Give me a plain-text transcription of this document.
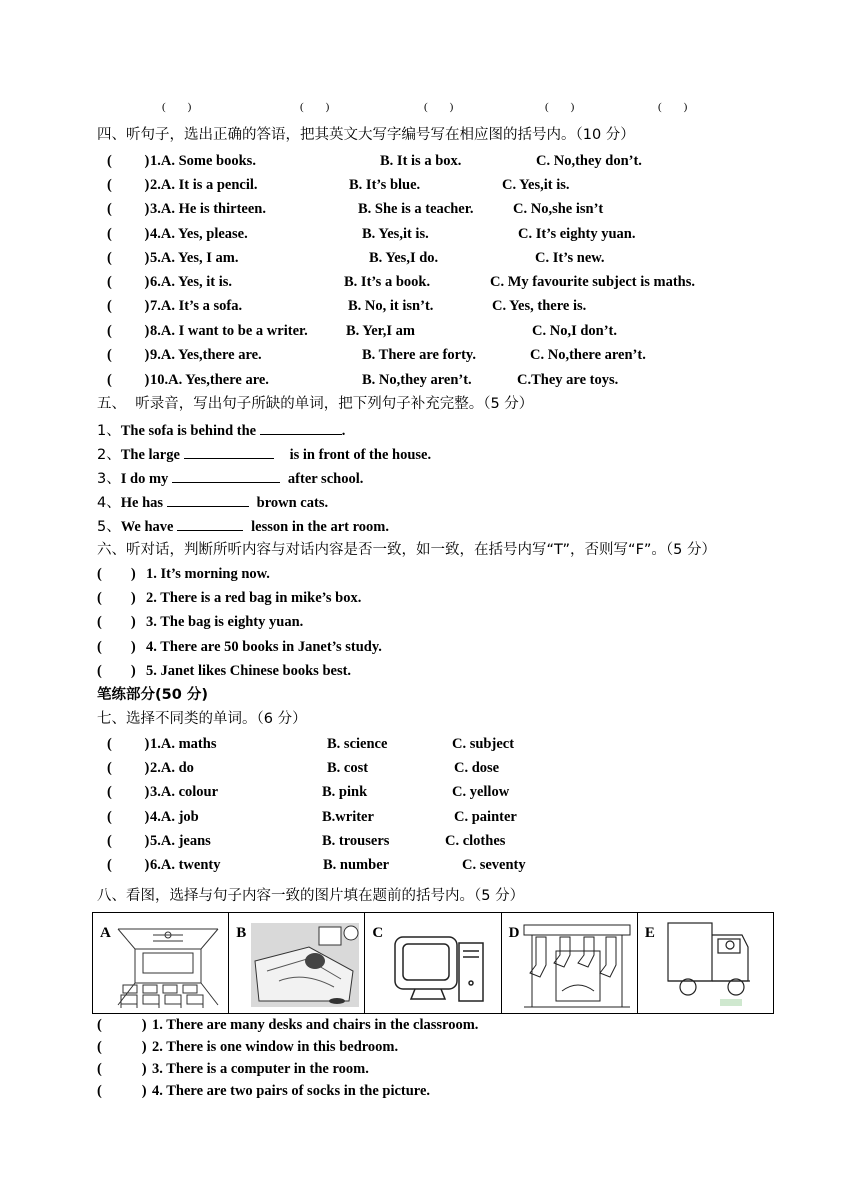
(        )	(        )	(        )	(        )	(        )
四、听句子，选出正确的答语，把其英文大写字编号写在相应图的括号内。（10 分）
(         ) 1.A. Some books.	B. It is a box.	C. No,they don’t.
(         ) 2.A. It is a pencil.	B. It’s blue.	C. Yes,it is.
(         ) 3.A. He is thirteen.	B. She is a teacher.	C. No,she isn’t
(         ) 4.A. Yes, please.	B. Yes,it is.	C. It’s eighty yuan.
(         ) 5.A. Yes, I am.	B. Yes,I do.	C. It’s new.
(         ) 6.A. Yes, it is.	B. It’s a book.	C. My favourite subject is maths.
(         ) 7.A. It’s a sofa.	B. No, it isn’t.	C. Yes, there is.
(         ) 8.A. I want to be a writer.	B. Yer,I am	C. No,I don’t.
(         ) 9.A. Yes,there are.	B. There are forty.	C. No,there aren’t.
(         ) 10.A. Yes,there are.	B. No,they aren’t.	C.They are toys.
五、  听录音，写出句子所缺的单词，把下列句子补充完整。（5 分）
1、The sofa is behind the	.
2、The large	is in front of the house.
3、I do my	after school.
4、He has	brown cats.
5、We have	lesson in the art room.
六、听对话，判断所听内容与对话内容是否一致，如一致，在括号内写“T”，否则写“F”。（5 分）
(        ) 1. It’s morning now.
(        ) 2. There is a red bag in mike’s box.
(        ) 3. The bag is eighty yuan.
(        ) 4. There are 50 books in Janet’s study.
(        ) 5. Janet likes Chinese books best.
笔练部分(50 分)
七、选择不同类的单词。（6 分）
(         ) 1.A. maths	B. science	C. subject
(         ) 2.A. do	B. cost	C. dose
(         ) 3.A. colour	B. pink	C. yellow
(         ) 4.A. job	B.writer	C. painter
(         ) 5.A. jeans	B. trousers	C. clothes
(         ) 6.A. twenty	B. number	C. seventy
八、看图，选择与句子内容一致的图片填在题前的括号内。（5 分）
A	B	C	D	E
(           ) 1. There are many desks and chairs in the classroom.
(           ) 2. There is one window in this bedroom.
(           ) 3. There is a computer in the room.
(           ) 4. There are two pairs of socks in the picture.
